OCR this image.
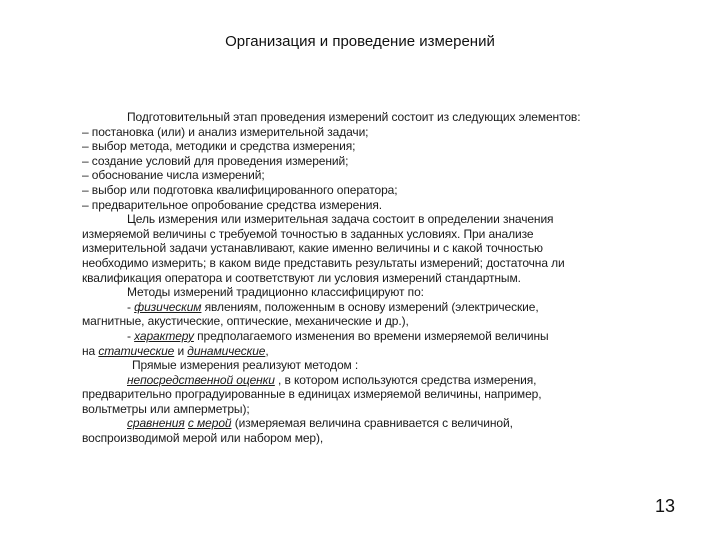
Организация и проведение измерений
Подготовительный этап проведения измерений состоит из следующих элементов:
– постановка (или) и анализ измерительной задачи;
– выбор метода, методики и средства измерения;
– создание условий для проведения измерений;
– обоснование числа измерений;
– выбор или подготовка квалифицированного оператора;
– предварительное опробование средства измерения.
Цель измерения или измерительная задача состоит в определении значения
измеряемой величины с требуемой точностью в заданных условиях. При анализе
измерительной задачи устанавливают, какие именно величины и с какой точностью
необходимо измерить; в каком виде представить результаты измерений; достаточна ли
квалификация оператора и соответствуют ли условия измерений стандартным.
Методы измерений традиционно классифицируют по:
- физическим явлениям, положенным в основу измерений (электрические,
магнитные, акустические, оптические, механические и др.),
- характеру предполагаемого изменения во времени измеряемой величины
на статические и динамические,
Прямые измерения реализуют методом :
непосредственной оценки , в котором используются средства измерения,
предварительно проградуированные в единицах измеряемой величины, например,
вольтметры или амперметры);
сравнения с мерой (измеряемая величина сравнивается с величиной,
воспроизводимой мерой или набором мер),
13
